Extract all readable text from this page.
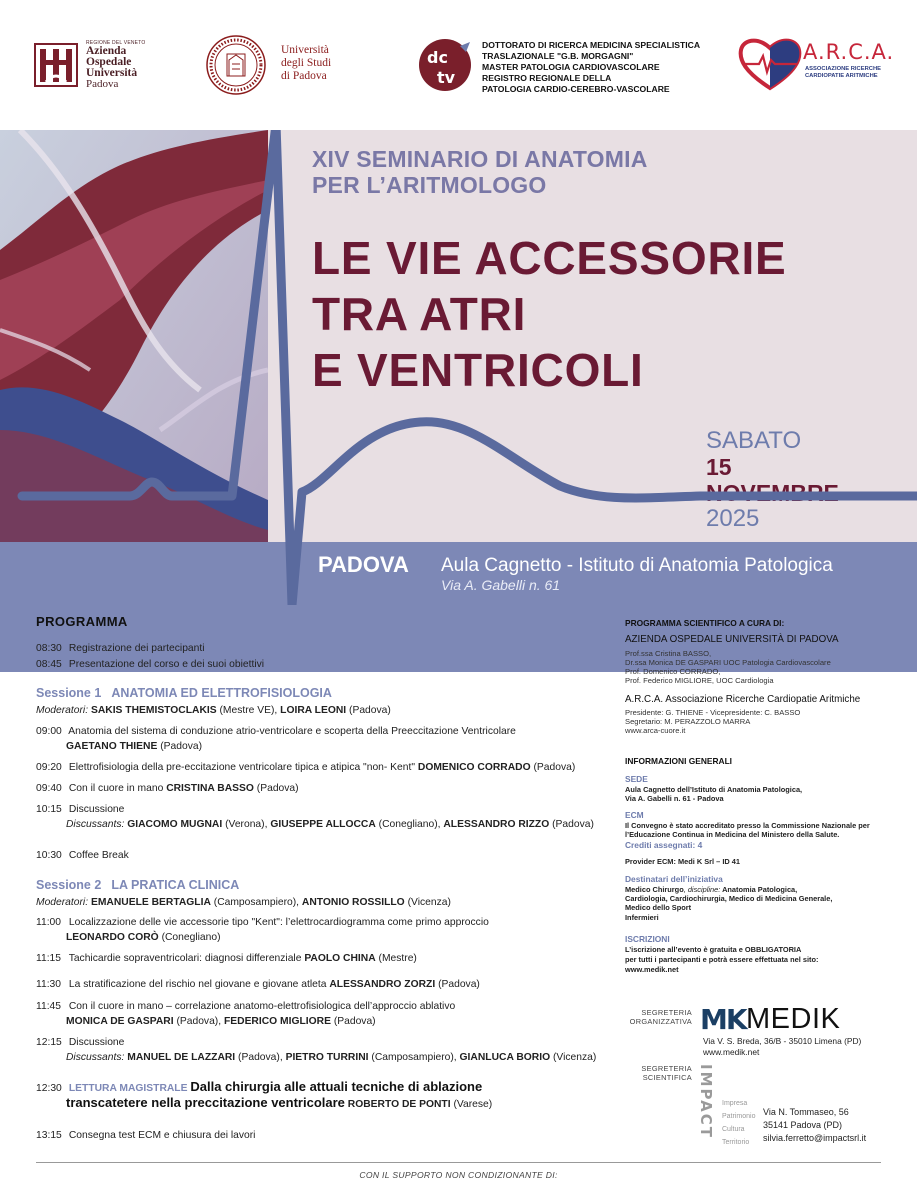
REGIONE DEL VENETO
Azienda
Ospedale
Università
Padova
Università
degli Studi
di Padova
dc
tv
DOTTORATO DI RICERCA MEDICINA SPECIALISTICA
TRASLAZIONALE "G.B. MORGAGNI"
MASTER PATOLOGIA CARDIOVASCOLARE
REGISTRO REGIONALE DELLA
PATOLOGIA CARDIO-CEREBRO-VASCOLARE
A.R.C.A.
ASSOCIAZIONE RICERCHE
CARDIOPATIE ARITMICHE
XIV SEMINARIO DI ANATOMIA
PER L’ARITMOLOGO
LE VIE ACCESSORIE
TRA ATRI
E VENTRICOLI
SABATO
15
NOVEMBRE
2025
PADOVA Aula Cagnetto - Istituto di Anatomia Patologica
Via A. Gabelli n. 61
PROGRAMMA
08:30 Registrazione dei partecipanti
08:45 Presentazione del corso e dei suoi obiettivi
Sessione 1 ANATOMIA ED ELETTROFISIOLOGIA
Moderatori: SAKIS THEMISTOCLAKIS (Mestre VE), LOIRA LEONI (Padova)
09:00 Anatomia del sistema di conduzione atrio-ventricolare e scoperta della Preeccitazione Ventricolare
GAETANO THIENE (Padova)
09:20 Elettrofisiologia della pre-eccitazione ventricolare tipica e atipica "non- Kent" DOMENICO CORRADO (Padova)
09:40 Con il cuore in mano CRISTINA BASSO (Padova)
10:15 Discussione
Discussants: GIACOMO MUGNAI (Verona), GIUSEPPE ALLOCCA (Conegliano), ALESSANDRO RIZZO (Padova)
10:30 Coffee Break
Sessione 2 LA PRATICA CLINICA
Moderatori: EMANUELE BERTAGLIA (Camposampiero), ANTONIO ROSSILLO (Vicenza)
11:00 Localizzazione delle vie accessorie tipo "Kent": l’elettrocardiogramma come primo approccio
LEONARDO CORÒ (Conegliano)
11:15 Tachicardie sopraventricolari: diagnosi differenziale PAOLO CHINA (Mestre)
11:30 La stratificazione del rischio nel giovane e giovane atleta ALESSANDRO ZORZI (Padova)
11:45 Con il cuore in mano – correlazione anatomo-elettrofisiologica dell’approccio ablativo
MONICA DE GASPARI (Padova), FEDERICO MIGLIORE (Padova)
12:15 Discussione
Discussants: MANUEL DE LAZZARI (Padova), PIETRO TURRINI (Camposampiero), GIANLUCA BORIO (Vicenza)
12:30 LETTURA MAGISTRALE Dalla chirurgia alle attuali tecniche di ablazione
transcatetere nella preccitazione ventricolare ROBERTO DE PONTI (Varese)
13:15 Consegna test ECM e chiusura dei lavori
PROGRAMMA SCIENTIFICO A CURA DI:
AZIENDA OSPEDALE UNIVERSITÀ DI PADOVA
Prof.ssa Cristina BASSO,
Dr.ssa Monica DE GASPARI UOC Patologia Cardiovascolare
Prof. Domenico CORRADO,
Prof. Federico MIGLIORE, UOC Cardiologia
A.R.C.A. Associazione Ricerche Cardiopatie Aritmiche
Presidente: G. THIENE - Vicepresidente: C. BASSO
Segretario: M. PERAZZOLO MARRA
www.arca-cuore.it
INFORMAZIONI GENERALI
SEDE
Aula Cagnetto dell’Istituto di Anatomia Patologica,
Via A. Gabelli n. 61 - Padova
ECM
Il Convegno è stato accreditato presso la Commissione Nazionale per
l’Educazione Continua in Medicina del Ministero della Salute.
Crediti assegnati: 4
Provider ECM: Medi K Srl – ID 41
Destinatari dell’iniziativa
Medico Chirurgo, discipline: Anatomia Patologica,
Cardiologia, Cardiochirurgia, Medico di Medicina Generale,
Medico dello Sport
Infermieri
ISCRIZIONI
L’iscrizione all’evento è gratuita e OBBLIGATORIA
per tutti i partecipanti e potrà essere effettuata nel sito:
www.medik.net
SEGRETERIA
ORGANIZZATIVA MK MEDIK
Via V. S. Breda, 36/B - 35010 Limena (PD)
www.medik.net
SEGRETERIA
SCIENTIFICA IMPACT Impresa
Patrimonio
Cultura
Territorio
Via N. Tommaseo, 56
35141 Padova (PD)
silvia.ferretto@impactsrl.it
CON IL SUPPORTO NON CONDIZIONANTE DI:
